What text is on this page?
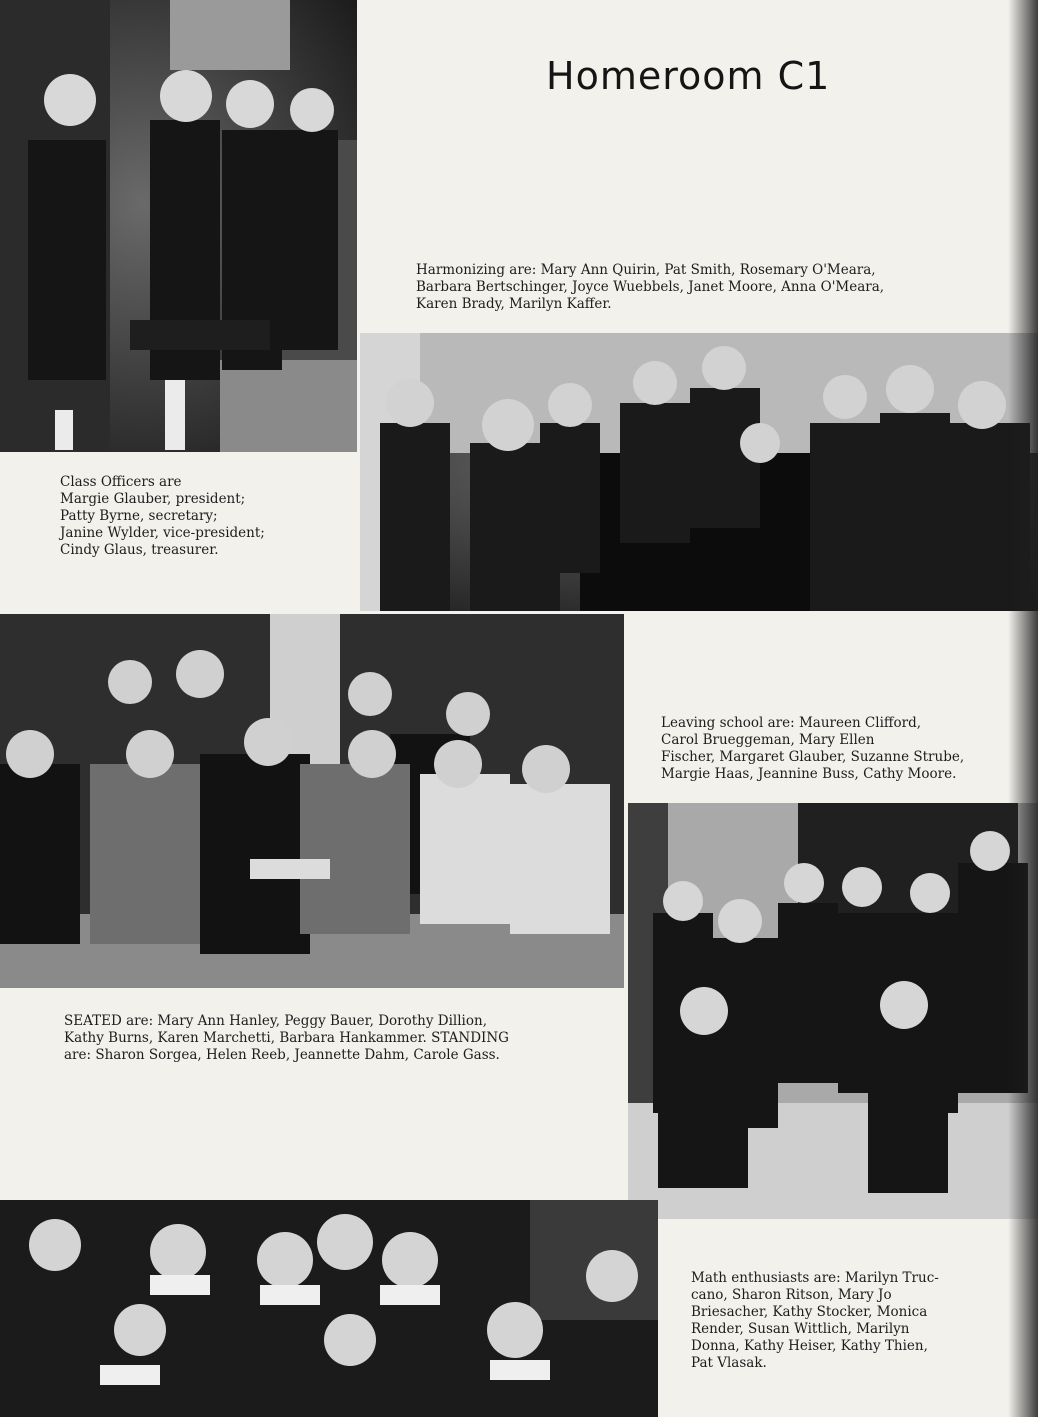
Homeroom C1
Harmonizing are: Mary Ann Quirin, Pat Smith, Rosemary O'Meara,
Barbara Bertschinger, Joyce Wuebbels, Janet Moore, Anna O'Meara,
Karen Brady, Marilyn Kaffer.
Class Officers are
Margie Glauber, president;
Patty Byrne, secretary;
Janine Wylder, vice-president;
Cindy Glaus, treasurer.
Leaving school are: Maureen Clifford,
Carol Brueggeman, Mary Ellen
Fischer, Margaret Glauber, Suzanne Strube,
Margie Haas, Jeannine Buss, Cathy Moore.
SEATED are: Mary Ann Hanley, Peggy Bauer, Dorothy Dillion,
Kathy Burns, Karen Marchetti, Barbara Hankammer. STANDING
are: Sharon Sorgea, Helen Reeb, Jeannette Dahm, Carole Gass.
Math enthusiasts are: Marilyn Truc-
cano, Sharon Ritson, Mary Jo
Briesacher, Kathy Stocker, Monica
Render, Susan Wittlich, Marilyn
Donna, Kathy Heiser, Kathy Thien,
Pat Vlasak.
